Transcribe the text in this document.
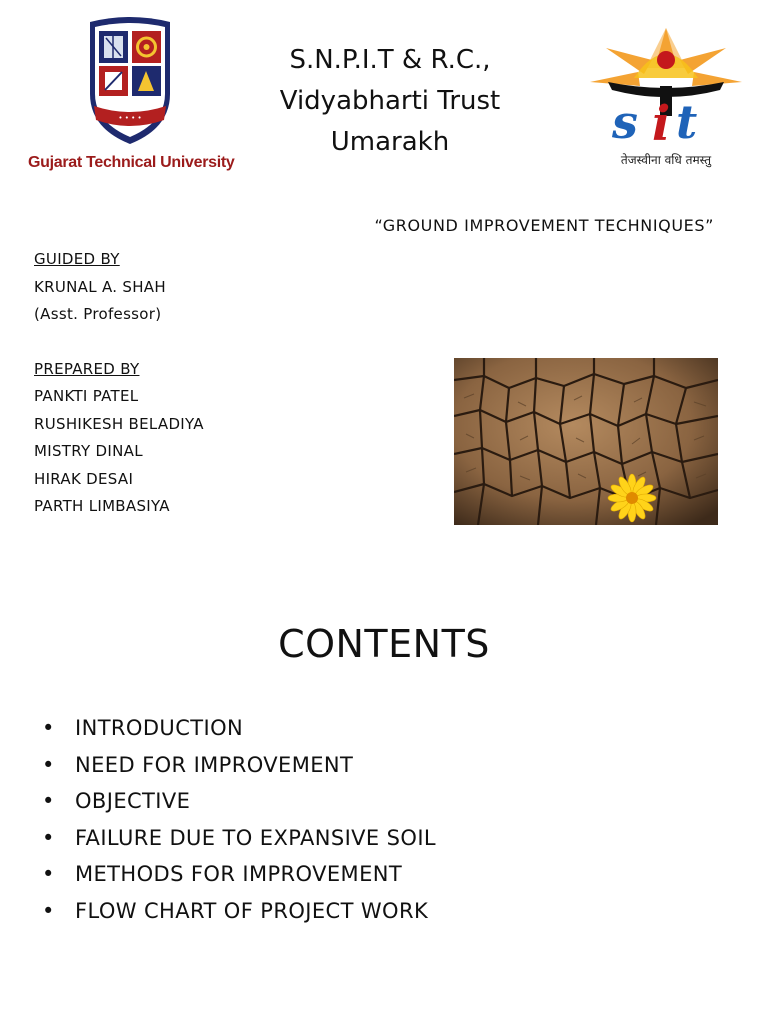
• • • •
Gujarat Technical University
S.N.P.I.T & R.C.,
Vidyabharti Trust
Umarakh	s i t
तेजस्वीना वधि तमस्तु
“GROUND IMPROVEMENT TECHNIQUES”
GUIDED BY
KRUNAL A. SHAH
(Asst. Professor)
PREPARED BY
PANKTI PATEL
RUSHIKESH BELADIYA
MISTRY DINAL
HIRAK DESAI
PARTH LIMBASIYA
CONTENTS
• INTRODUCTION
• NEED FOR IMPROVEMENT
• OBJECTIVE
• FAILURE DUE TO EXPANSIVE SOIL
• METHODS FOR IMPROVEMENT
• FLOW CHART OF PROJECT WORK
